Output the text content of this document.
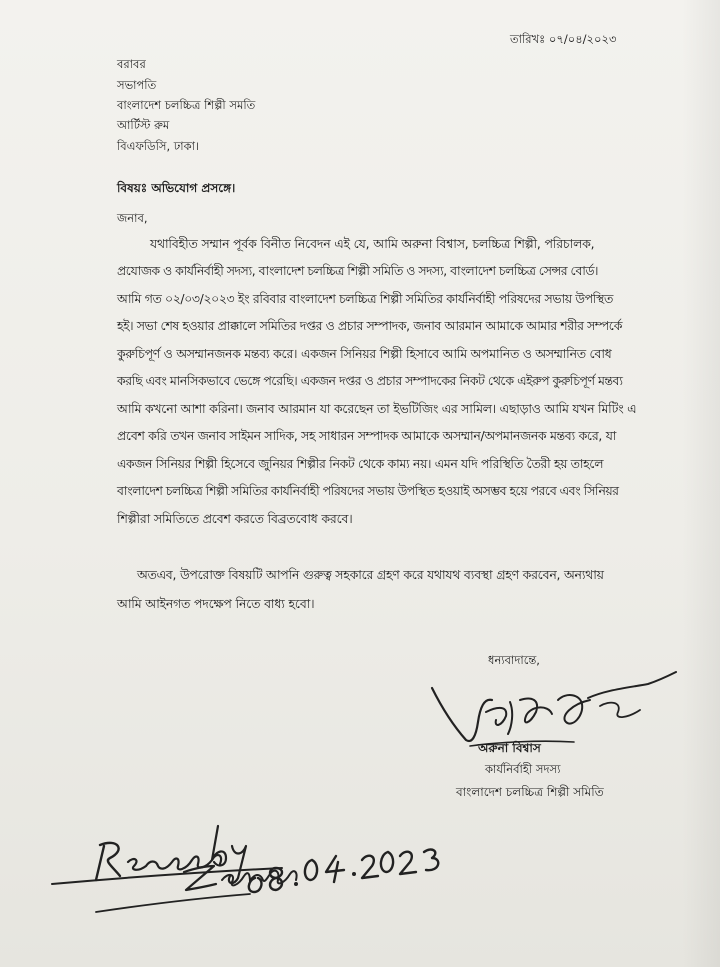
তারিখঃ ০৭/০৪/২০২৩
বরাবর
সভাপতি
বাংলাদেশ চলচ্চিত্র শিল্পী সমতি
আর্টিস্ট রুম
বিএফডিসি, ঢাকা।
বিষয়ঃ অভিযোগ প্রসঙ্গে।
জনাব,
যথাবিহীত সম্মান পূর্বক বিনীত নিবেদন এই যে, আমি অরুনা বিশ্বাস, চলচ্চিত্র শিল্পী, পরিচালক,
প্রযোজক ও কার্যনির্বাহী সদস্য, বাংলাদেশ চলচ্চিত্র শিল্পী সমিতি ও সদস্য, বাংলাদেশ চলচ্চিত্র সেন্সর বোর্ড।
আমি গত ০২/০৩/২০২৩ ইং রবিবার বাংলাদেশ চলচ্চিত্র শিল্পী সমিতির কার্যনির্বাহী পরিষদের সভায় উপস্থিত
হই। সভা শেষ হওয়ার প্রাক্কালে সমিতির দপ্তর ও প্রচার সম্পাদক, জনাব আরমান আমাকে আমার শরীর সম্পর্কে
কুরুচিপূর্ণ ও অসম্মানজনক মন্তব্য করে। একজন সিনিয়র শিল্পী হিসাবে আমি অপমানিত ও অসম্মানিত বোধ
করছি এবং মানসিকভাবে ভেঙ্গে পরেছি। একজন দপ্তর ও প্রচার সম্পাদকের নিকট থেকে এইরুপ কুরুচিপূর্ণ মন্তব্য
আমি কখনো আশা করিনা। জনাব আরমান যা করেছেন তা ইভটিজিং এর সামিল। এছাড়াও আমি যখন মিটিং এ
প্রবেশ করি তখন জনাব সাইমন সাদিক, সহ সাধারন সম্পাদক আমাকে অসম্মান/অপমানজনক মন্তব্য করে, যা
একজন সিনিয়র শিল্পী হিসেবে জুনিয়র শিল্পীর নিকট থেকে কাম্য নয়। এমন যদি পরিস্থিতি তৈরী হয় তাহলে
বাংলাদেশ চলচ্চিত্র শিল্পী সমিতির কার্যনির্বাহী পরিষদের সভায় উপস্থিত হওয়াই অসম্ভব হয়ে পরবে এবং সিনিয়র
শিল্পীরা সমিতিতে প্রবেশ করতে বিব্রতবোধ করবে।
অতএব, উপরোক্ত বিষয়টি আপনি গুরুত্ব সহকারে গ্রহণ করে যথাযথ ব্যবস্থা গ্রহণ করবেন, অন্যথায়
আমি আইনগত পদক্ষেপ নিতে বাধ্য হবো।
ধন্যবাদান্তে,
অরুনা বিশ্বাস
কার্যনির্বাহী সদস্য
বাংলাদেশ চলচ্চিত্র শিল্পী সমিতি
